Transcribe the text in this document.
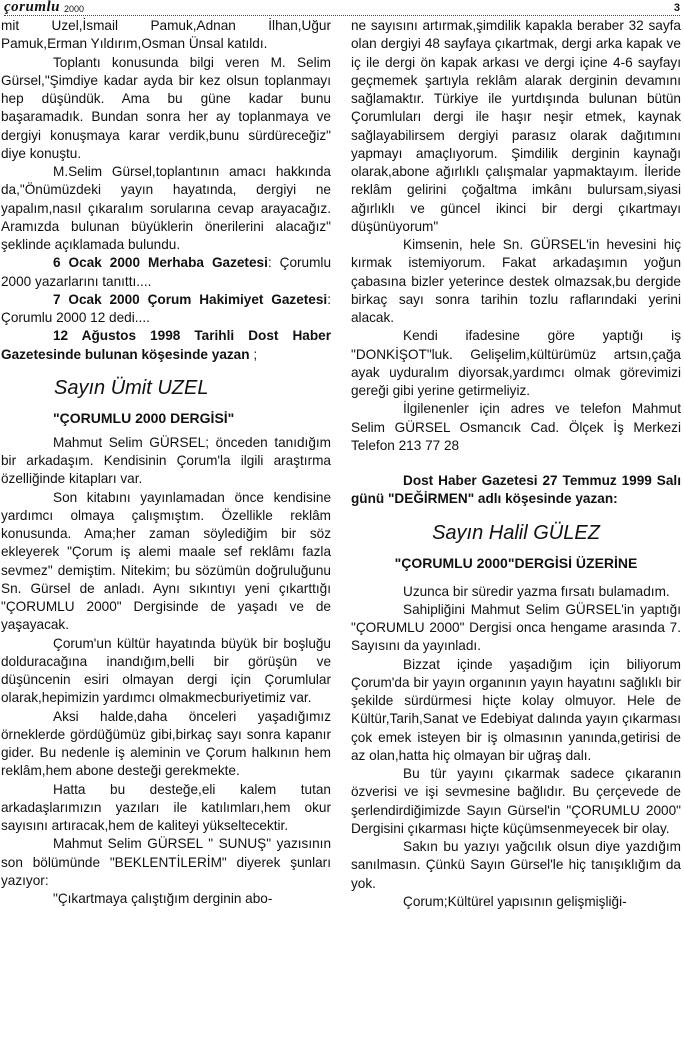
çorumlu 2000	3

mit Uzel,İsmail Pamuk,Adnan İlhan,Uğur Pamuk,Erman Yıldırım,Osman Ünsal katıldı.

Toplantı konusunda bilgi veren M. Selim Gürsel,"Şimdiye kadar ayda bir kez olsun toplanmayı hep düşündük. Ama bu güne kadar bunu başaramadık. Bundan sonra her ay toplanmaya ve dergiyi konuşmaya karar verdik,bunu sürdüreceğiz" diye konuştu.

M.Selim Gürsel,toplantının amacı hakkında da,"Önümüzdeki yayın hayatında, dergiyi ne yapalım,nasıl çıkaralım sorularına cevap arayacağız. Aramızda bulunan büyüklerin önerilerini alacağız" şeklinde açıklamada bulundu.

6 Ocak 2000 Merhaba Gazetesi: Çorumlu 2000 yazarlarını tanıttı....

7 Ocak 2000 Çorum Hakimiyet Gazetesi: Çorumlu 2000 12 dedi....

12 Ağustos 1998 Tarihli Dost Haber Gazetesinde bulunan köşesinde yazan ;

Sayın Ümit UZEL
"ÇORUMLU 2000 DERGİSİ"

Mahmut Selim GÜRSEL; önceden tanıdığım bir arkadaşım. Kendisinin Çorum'la ilgili araştırma özelliğinde kitapları var.

Son kitabını yayınlamadan önce kendisine yardımcı olmaya çalışmıştım. Özellikle reklâm konusunda. Ama;her zaman söylediğim bir söz ekleyerek "Çorum iş alemi maale sef reklâmı fazla sevmez" demiştim. Nitekim; bu sözümün doğruluğunu Sn. Gürsel de anladı. Aynı sıkıntıyı yeni çıkarttığı "ÇORUMLU 2000" Dergisinde de yaşadı ve de yaşayacak.

Çorum'un kültür hayatında büyük bir boşluğu dolduracağına inandığım,belli bir görüşün ve düşüncenin esiri olmayan dergi için Çorumlular olarak,hepimizin yardımcı olmakmecburiyetimiz var.

Aksi halde,daha önceleri yaşadığımız örneklerde gördüğümüz gibi,birkaç sayı sonra kapanır gider. Bu nedenle iş aleminin ve Çorum halkının hem reklâm,hem abone desteği gerekmekte.

Hatta bu desteğe,eli kalem tutan arkadaşlarımızın yazıları ile katılımları,hem okur sayısını artıracak,hem de kaliteyi yükseltecektir.

Mahmut Selim GÜRSEL " SUNUŞ" yazısının son bölümünde "BEKLENTİLERİM" diyerek şunları yazıyor:

"Çıkartmaya çalıştığım derginin abo-

ne sayısını artırmak,şimdilik kapakla beraber 32 sayfa olan dergiyi 48 sayfaya çıkartmak, dergi arka kapak ve iç ile dergi ön kapak arkası ve dergi içine 4-6 sayfayı geçmemek şartıyla reklâm alarak derginin devamını sağlamaktır. Türkiye ile yurtdışında bulunan bütün Çorumluları dergi ile haşır neşir etmek, kaynak sağlayabilirsem dergiyi parasız olarak dağıtımını yapmayı amaçlıyorum. Şimdilik derginin kaynağı olarak,abone ağırlıklı çalışmalar yapmaktayım. İleride reklâm gelirini çoğaltma imkânı bulursam,siyasi ağırlıklı ve güncel ikinci bir dergi çıkartmayı düşünüyorum"

Kimsenin, hele Sn. GÜRSEL'in hevesini hiç kırmak istemiyorum. Fakat arkadaşımın yoğun çabasına bizler yeterince destek olmazsak,bu dergide birkaç sayı sonra tarihin tozlu raflarındaki yerini alacak.

Kendi ifadesine göre yaptığı iş "DONKİŞOT"luk. Gelişelim,kültürümüz artsın,çağa ayak uyduralım diyorsak,yardımcı olmak görevimizi gereği gibi yerine getirmeliyiz.

İlgilenenler için adres ve telefon Mahmut Selim GÜRSEL Osmancık Cad. Ölçek İş Merkezi Telefon 213 77 28

Dost Haber Gazetesi 27 Temmuz 1999 Salı günü "DEĞİRMEN" adlı köşesinde yazan:

Sayın Halil GÜLEZ
"ÇORUMLU 2000"DERGİSİ ÜZERİNE

Uzunca bir süredir yazma fırsatı bulamadım.

Sahipliğini Mahmut Selim GÜRSEL'in yaptığı "ÇORUMLU 2000" Dergisi onca hengame arasında 7. Sayısını da yayınladı.

Bizzat içinde yaşadığım için biliyorum Çorum'da bir yayın organının yayın hayatını sağlıklı bir şekilde sürdürmesi hiçte kolay olmuyor. Hele de Kültür,Tarih,Sanat ve Edebiyat dalında yayın çıkarması çok emek isteyen bir iş olmasının yanında,getirisi de az olan,hatta hiç olmayan bir uğraş dalı.

Bu tür yayını çıkarmak sadece çıkaranın özverisi ve işi sevmesine bağlıdır. Bu çerçevede de şerlendirdiğimizde Sayın Gürsel'in "ÇORUMLU 2000" Dergisini çıkarması hiçte küçümsenmeyecek bir olay.

Sakın bu yazıyı yağcılık olsun diye yazdığım sanılmasın. Çünkü Sayın Gürsel'le hiç tanışıklığım da yok.

Çorum;Kültürel yapısının gelişmişliği-
